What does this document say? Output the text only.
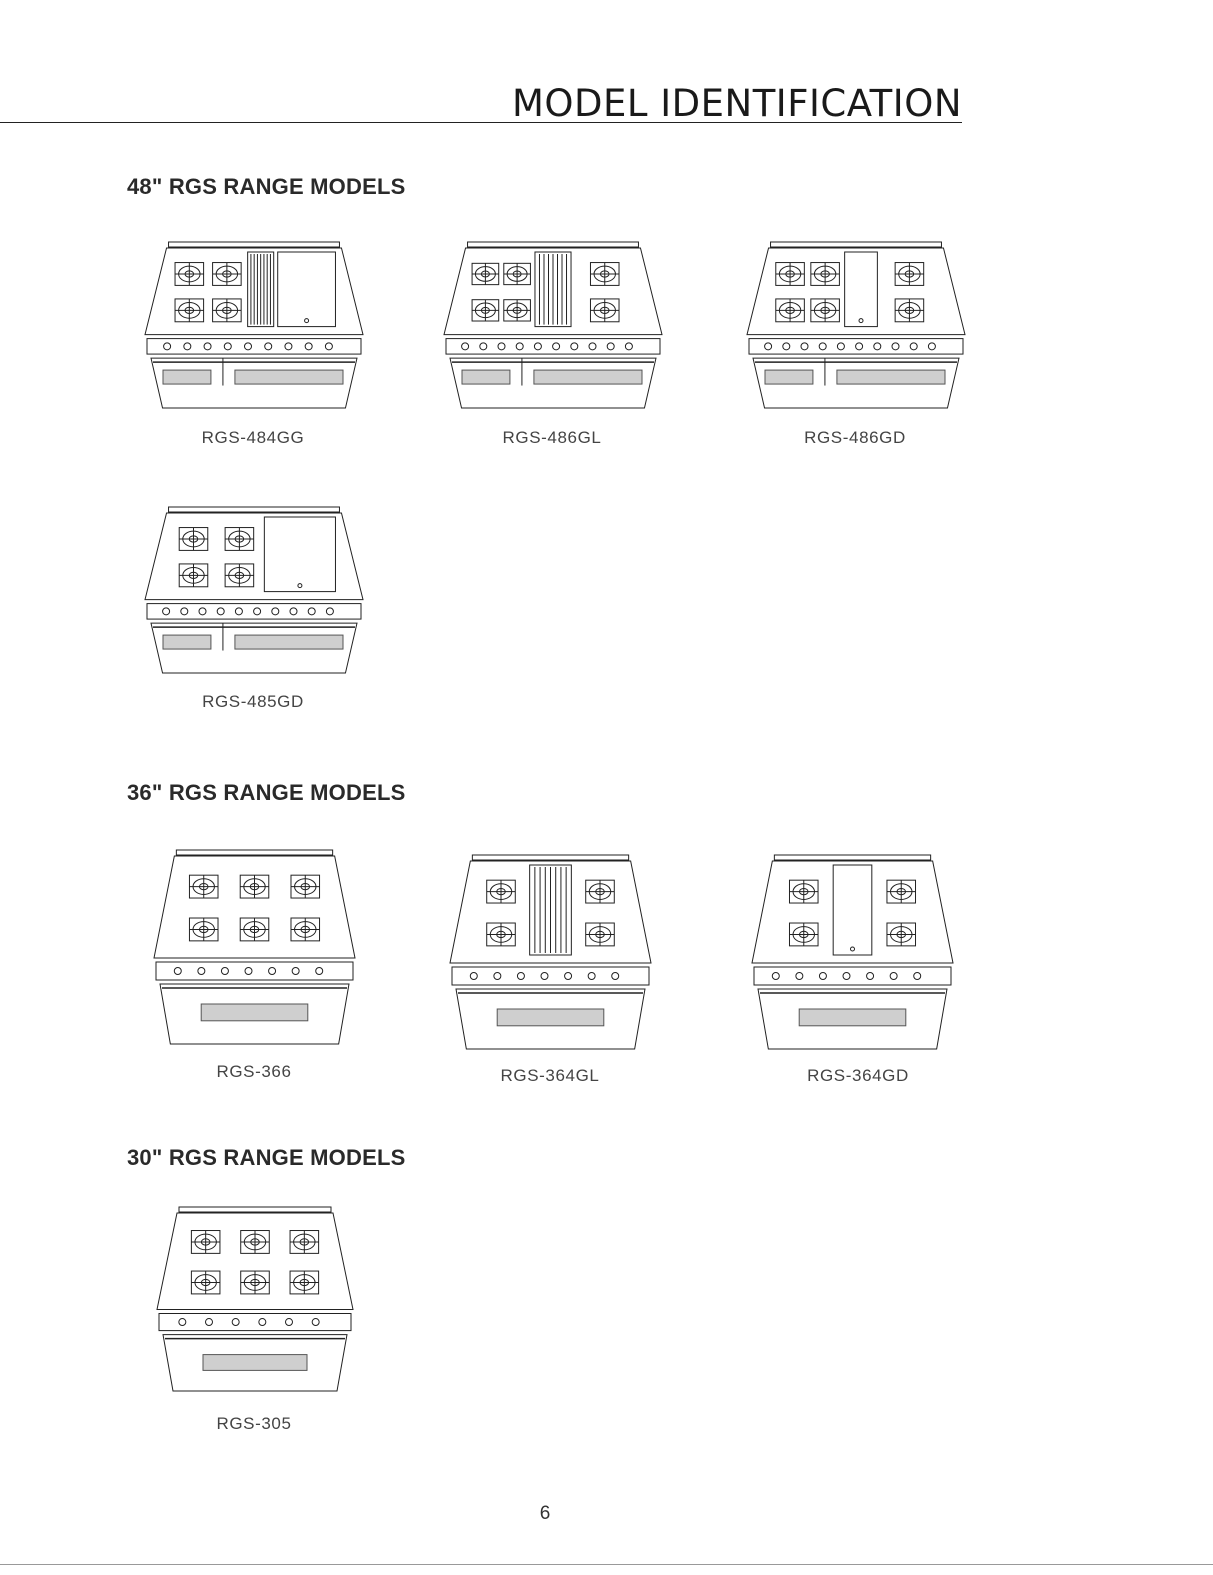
MODEL IDENTIFICATION
48" RGS RANGE MODELS
36" RGS RANGE MODELS
30" RGS RANGE MODELS
RGS-484GG	RGS-486GL	RGS-486GD
RGS-485GD
RGS-366	RGS-364GL	RGS-364GD
RGS-305
6
